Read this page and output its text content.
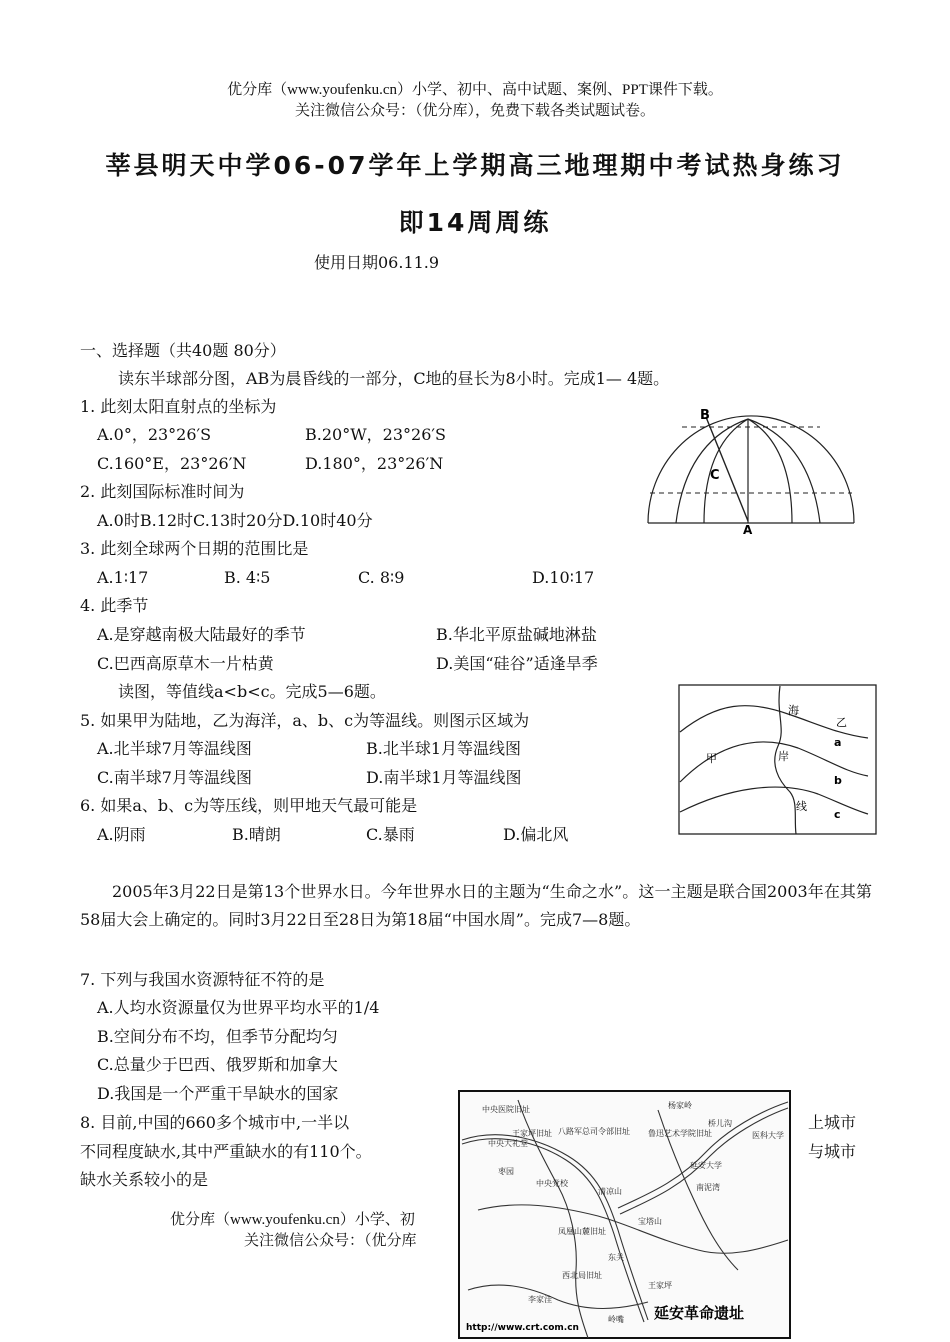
优分库（www.youfenku.cn）小学、初中、高中试题、案例、PPT课件下载。
关注微信公众号：（优分库），免费下载各类试题试卷。
莘县明天中学06-07学年上学期高三地理期中考试热身练习
即14周周练
使用日期06.11.9
一、选择题（共40题 80分）
读东半球部分图，AB为晨昏线的一部分，C地的昼长为8小时。完成1— 4题。
1. 此刻太阳直射点的坐标为
A.0°，23°26′S	B.20°W，23°26′S
C.160°E，23°26′N	D.180°，23°26′N
2. 此刻国际标准时间为
A.0时B.12时C.13时20分D.10时40分
3. 此刻全球两个日期的范围比是
A.1∶17	B. 4∶5	C. 8∶9	D.10∶17
4. 此季节
A.是穿越南极大陆最好的季节	B.华北平原盐碱地淋盐
C.巴西高原草木一片枯黄	D.美国“硅谷”适逢旱季
读图，等值线a<b<c。完成5—6题。
5. 如果甲为陆地，乙为海洋，a、b、c为等温线。则图示区域为
A.北半球7月等温线图	B.北半球1月等温线图
C.南半球7月等温线图	D.南半球1月等温线图
6. 如果a、b、c为等压线，则甲地天气最可能是
A.阴雨	B.晴朗	C.暴雨	D.偏北风
2005年3月22日是第13个世界水日。今年世界水日的主题为“生命之水”。这一主题是联合国2003年在其第58届大会上确定的。同时3月22日至28日为第18届“中国水周”。完成7—8题。
7. 下列与我国水资源特征不符的是
A.人均水资源量仅为世界平均水平的1/4
B.空间分布不均，但季节分配均匀
C.总量少于巴西、俄罗斯和加拿大
D.我国是一个严重干旱缺水的国家
8. 目前,中国的660多个城市中,一半以	上城市
不同程度缺水,其中严重缺水的有110个。	与城市
缺水关系较小的是
优分库（www.youfenku.cn）小学、初
关注微信公众号：（优分库
B
C
A
海
乙
甲	岸
线
a
b
c
中央医院旧址	杨家岭
中央大礼堂
王家坪旧址 八路军总司令部旧址 鲁迅艺术学院旧址
桥儿沟
医科大学
凤凰山麓旧址
中央党校
宝塔山
延安大学
枣园
清凉山
西北局旧址
南泥湾
王家坪
李家洼
东关
岭嘴 延安革命遗址
http://www.crt.com.cn
